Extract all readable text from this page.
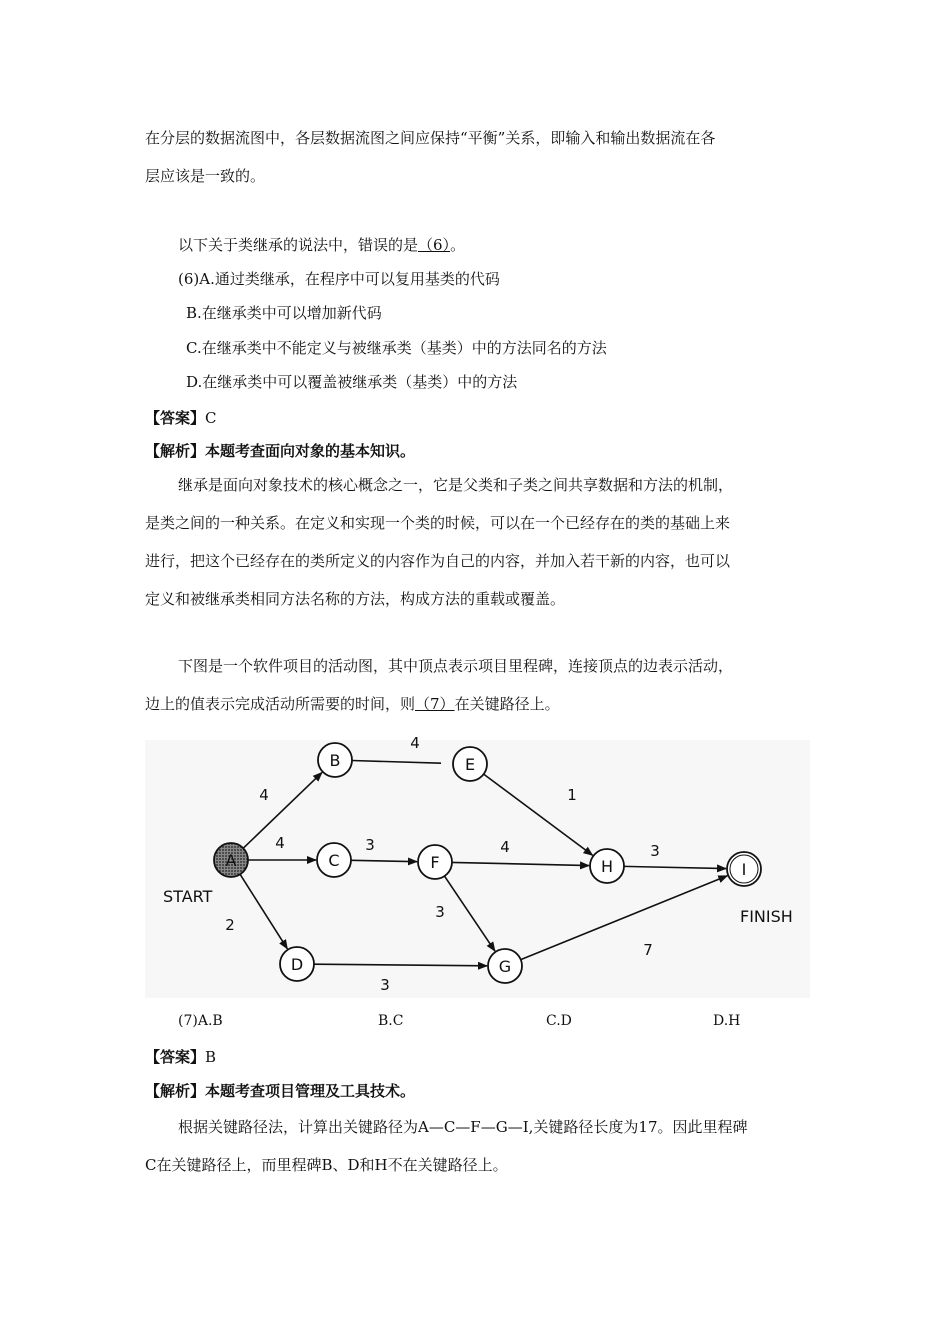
在分层的数据流图中，各层数据流图之间应保持“平衡”关系，即输入和输出数据流在各
层应该是一致的。
以下关于类继承的说法中，错误的是（6）。
(6)A.通过类继承，在程序中可以复用基类的代码
B.在继承类中可以增加新代码
C.在继承类中不能定义与被继承类（基类）中的方法同名的方法
D.在继承类中可以覆盖被继承类（基类）中的方法
【答案】C
【解析】本题考查面向对象的基本知识。
继承是面向对象技术的核心概念之一，它是父类和子类之间共享数据和方法的机制，
是类之间的一种关系。在定义和实现一个类的时候，可以在一个已经存在的类的基础上来
进行，把这个已经存在的类所定义的内容作为自己的内容，并加入若干新的内容，也可以
定义和被继承类相同方法名称的方法，构成方法的重载或覆盖。
下图是一个软件项目的活动图，其中顶点表示项目里程碑，连接顶点的边表示活动，
边上的值表示完成活动所需要的时间，则（7）在关键路径上。
4
4
2
4
3
1
4
3
3
3
7
A
B
C
D
E
F
G
H	I
START
FINISH
(7)A.B	B.C	C.D	D.H
【答案】B
【解析】本题考查项目管理及工具技术。
根据关键路径法，计算出关键路径为A—C—F—G—I,关键路径长度为17。因此里程碑
C在关键路径上，而里程碑B、D和H不在关键路径上。
